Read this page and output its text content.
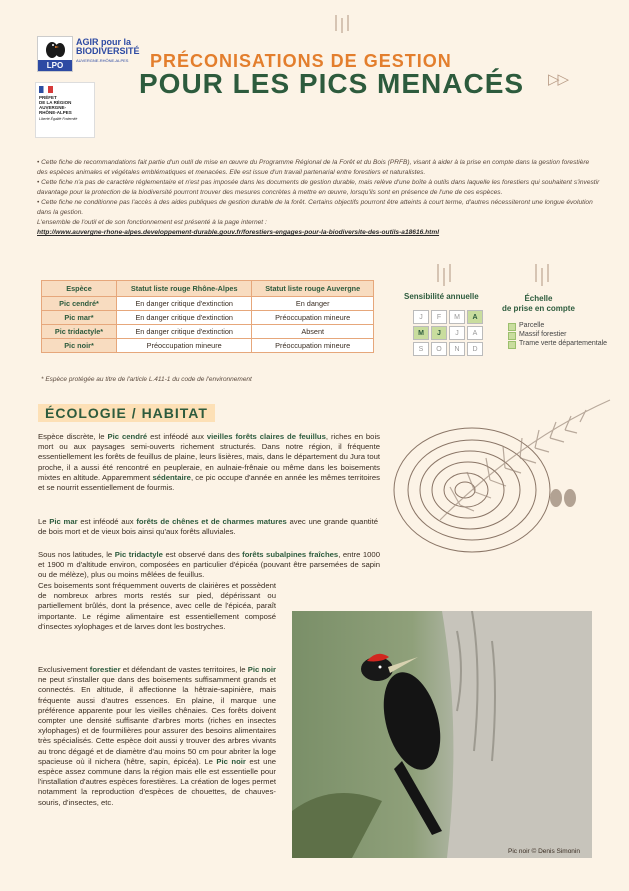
LPO
AGIR pour la
BIODIVERSITÉ
AUVERGNE-RHÔNE-ALPES
PRÉFET
DE LA RÉGION
AUVERGNE-
RHÔNE-ALPES
Liberté Égalité Fraternité
PRÉCONISATIONS DE GESTION
POUR LES PICS MENACÉS ▷▷

• Cette fiche de recommandations fait partie d'un outil de mise en œuvre du Programme Régional de la Forêt et du Bois (PRFB), visant à aider à la prise en compte dans la gestion forestière des espèces animales et végétales emblématiques et menacées. Elle est issue d'un travail partenarial entre forestiers et naturalistes.

• Cette fiche n'a pas de caractère réglementaire et n'est pas imposée dans les documents de gestion durable, mais relève d'une boîte à outils dans laquelle les forestiers qui souhaitent s'investir davantage pour la protection de la biodiversité pourront trouver des mesures concrètes à mettre en œuvre, lorsqu'ils sont en présence de l'une de ces espèces.

• Cette fiche ne conditionne pas l'accès à des aides publiques de gestion durable de la forêt. Certains objectifs pourront être atteints à court terme, d'autres nécessiteront une longue évolution dans la gestion.

L'ensemble de l'outil et de son fonctionnement est présenté à la page internet :

http://www.auvergne-rhone-alpes.developpement-durable.gouv.fr/forestiers-engages-pour-la-biodiversite-des-outils-a18616.html
Espèce	Statut liste rouge Rhône-Alpes	Statut liste rouge Auvergne
Pic cendré*	En danger critique d'extinction	En danger
Pic mar*	En danger critique d'extinction	Préoccupation mineure
Pic tridactyle*	En danger critique d'extinction	Absent
Pic noir*	Préoccupation mineure	Préoccupation mineure
* Espèce protégée au titre de l'article L.411-1 du code de l'environnement
Sensibilité annuelle
J	F	M	A
M	J	J	A
S	O	N	D
Échelle
de prise en compte
Parcelle
Massif forestier
Trame verte départementale
ÉCOLOGIE / HABITAT

Espèce discrète, le Pic cendré est inféodé aux vieilles forêts claires de feuillus, riches en bois mort ou aux paysages semi-ouverts richement structurés. Dans notre région, il fréquente essentiellement les forêts de feuillus de plaine, leurs lisières, mais, dans le département du Jura tout proche, il a aussi été rencontré en peupleraie, en aulnaie-frênaie ou même dans les boisements mixtes en altitude. Apparemment sédentaire, ce pic occupe d'année en année les mêmes territoires et se nourrit essentiellement de fourmis.

Le Pic mar est inféodé aux forêts de chênes et de charmes matures avec une grande quantité de bois mort et de vieux bois ainsi qu'aux forêts alluviales.

Sous nos latitudes, le Pic tridactyle est observé dans des forêts subalpines fraîches, entre 1000 et 1900 m d'altitude environ, composées en particulier d'épicéa (pouvant être parsemées de sapin ou de mélèze), plus ou moins mêlées de feuillus.

Ces boisements sont fréquemment ouverts de clairières et possèdent de nombreux arbres morts restés sur pied, dépérissant ou partiellement brûlés, dont la présence, avec celle de l'épicéa, paraît importante. Le régime alimentaire est essentiellement composé d'insectes xylophages et de larves dont les bostryches.

Exclusivement forestier et défendant de vastes territoires, le Pic noir ne peut s'installer que dans des boisements suffisamment grands et connectés. En altitude, il affectionne la hêtraie-sapinière, mais fréquente aussi d'autres essences. En plaine, il marque une préférence apparente pour les vieilles chênaies. Ces forêts doivent compter une densité suffisante d'arbres morts (riches en insectes xylophages) et de fourmilières pour assurer des besoins alimentaires très spécialisés. Cette espèce doit aussi y trouver des arbres vivants au tronc dégagé et de diamètre d'au moins 50 cm pour abriter la loge spacieuse où il nichera (hêtre, sapin, épicéa). Le Pic noir est une espèce assez commune dans la région mais elle est essentielle pour l'installation d'autres espèces forestières. La création de loges permet notamment la reproduction d'espèces de chouettes, de chauves-souris, d'insectes, etc.

Pic noir © Denis Simonin
